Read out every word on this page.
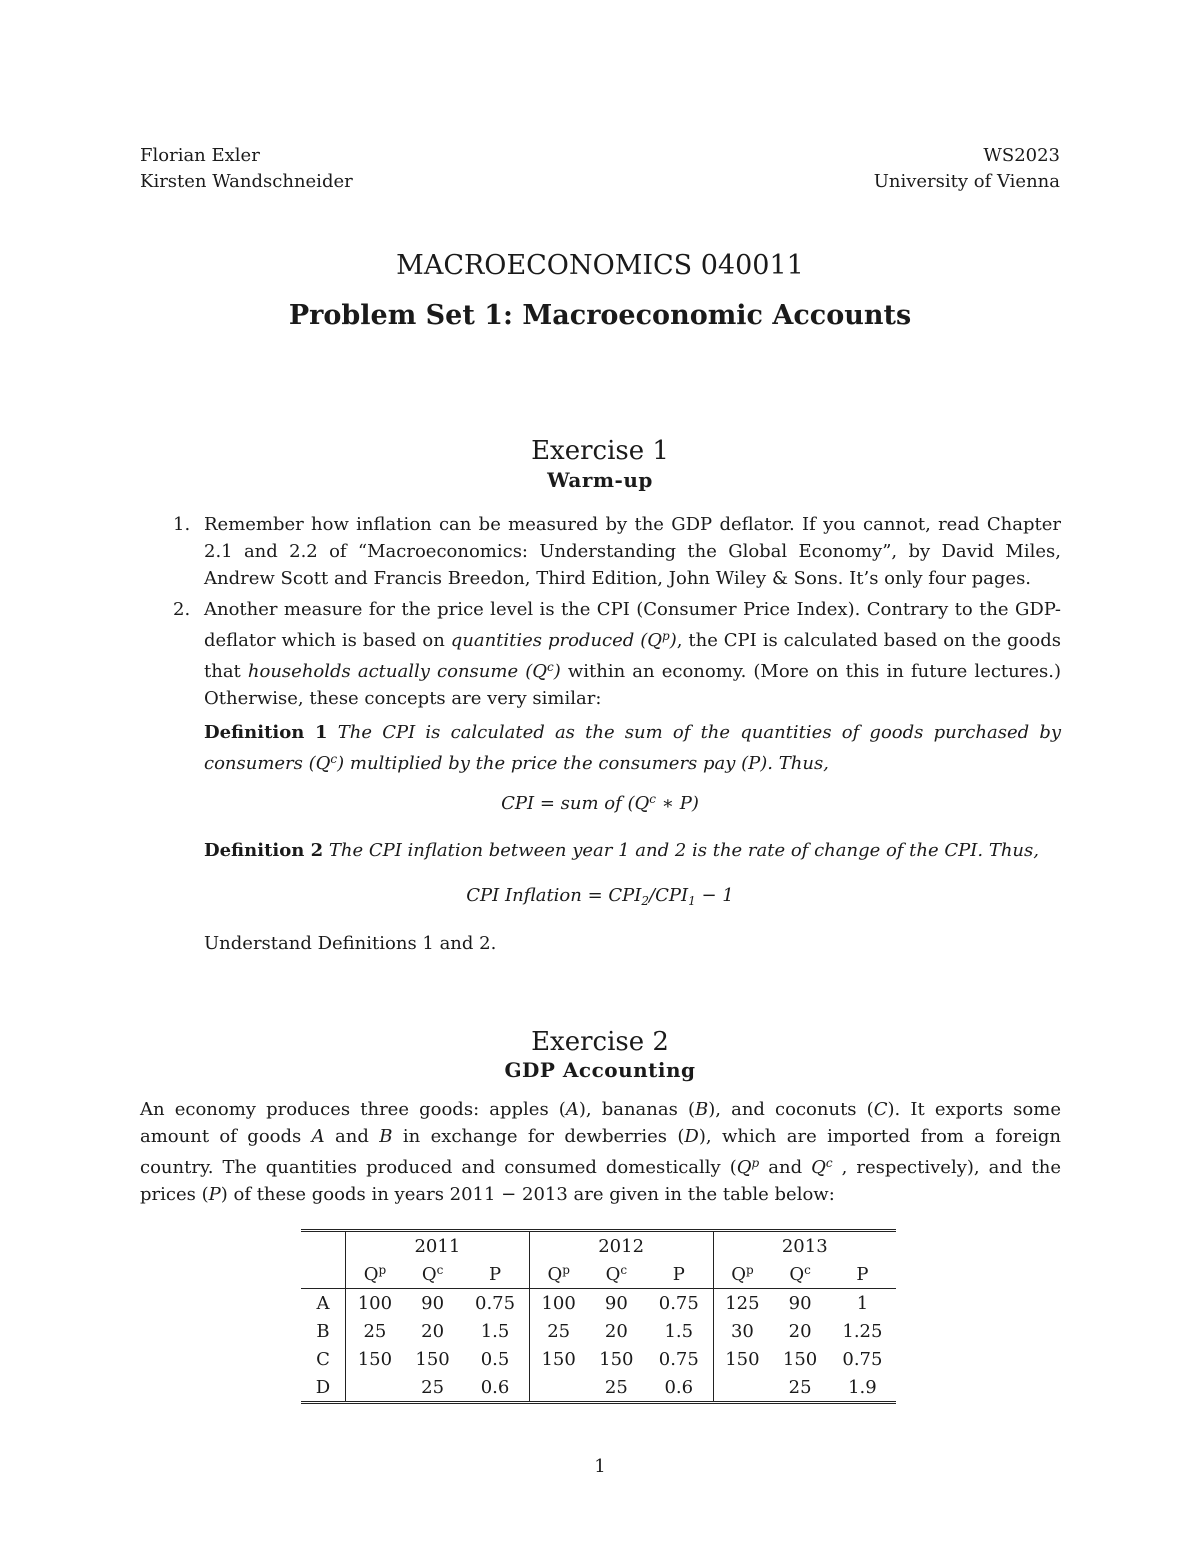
Florian Exler
Kirsten Wandschneider
WS2023
University of Vienna
MACROECONOMICS 040011
Problem Set 1: Macroeconomic Accounts
Exercise 1
Warm-up
1. Remember how inflation can be measured by the GDP deflator. If you cannot, read Chapter 2.1 and 2.2 of “Macroeconomics: Understanding the Global Economy”, by David Miles, Andrew Scott and Francis Breedon, Third Edition, John Wiley & Sons. It’s only four pages.
2. Another measure for the price level is the CPI (Consumer Price Index). Contrary to the GDP-deflator which is based on quantities produced $(Q^p)$, the CPI is calculated based on the goods that households actually consume $(Q^c)$ within an economy. (More on this in future lectures.) Otherwise, these concepts are very similar:
Definition 1 The CPI is calculated as the sum of the quantities of goods purchased by consumers $(Q^c)$ multiplied by the price the consumers pay (P). Thus,
CPI = sum of ($Q^c$ ∗ P)
Definition 2 The CPI inflation between year 1 and 2 is the rate of change of the CPI. Thus,
CPI Inflation = $CPI_2/CPI_1 - 1$
Understand Definitions 1 and 2.
Exercise 2
GDP Accounting
An economy produces three goods: apples (A), bananas (B), and coconuts (C). It exports some amount of goods A and B in exchange for dewberries (D), which are imported from a foreign country. The quantities produced and consumed domestically ($Q^p$ and $Q^c$ , respectively), and the prices (P) of these goods in years 2011 − 2013 are given in the table below:
	2011			2012			2013		
	$Q^p$	$Q^c$	P	$Q^p$	$Q^c$	P	$Q^p$	$Q^c$	P
A	100	90	0.75	100	90	0.75	125	90	1
B	25	20	1.5	25	20	1.5	30	20	1.25
C	150	150	0.5	150	150	0.75	150	150	0.75
D		25	0.6		25	0.6		25	1.9
1
